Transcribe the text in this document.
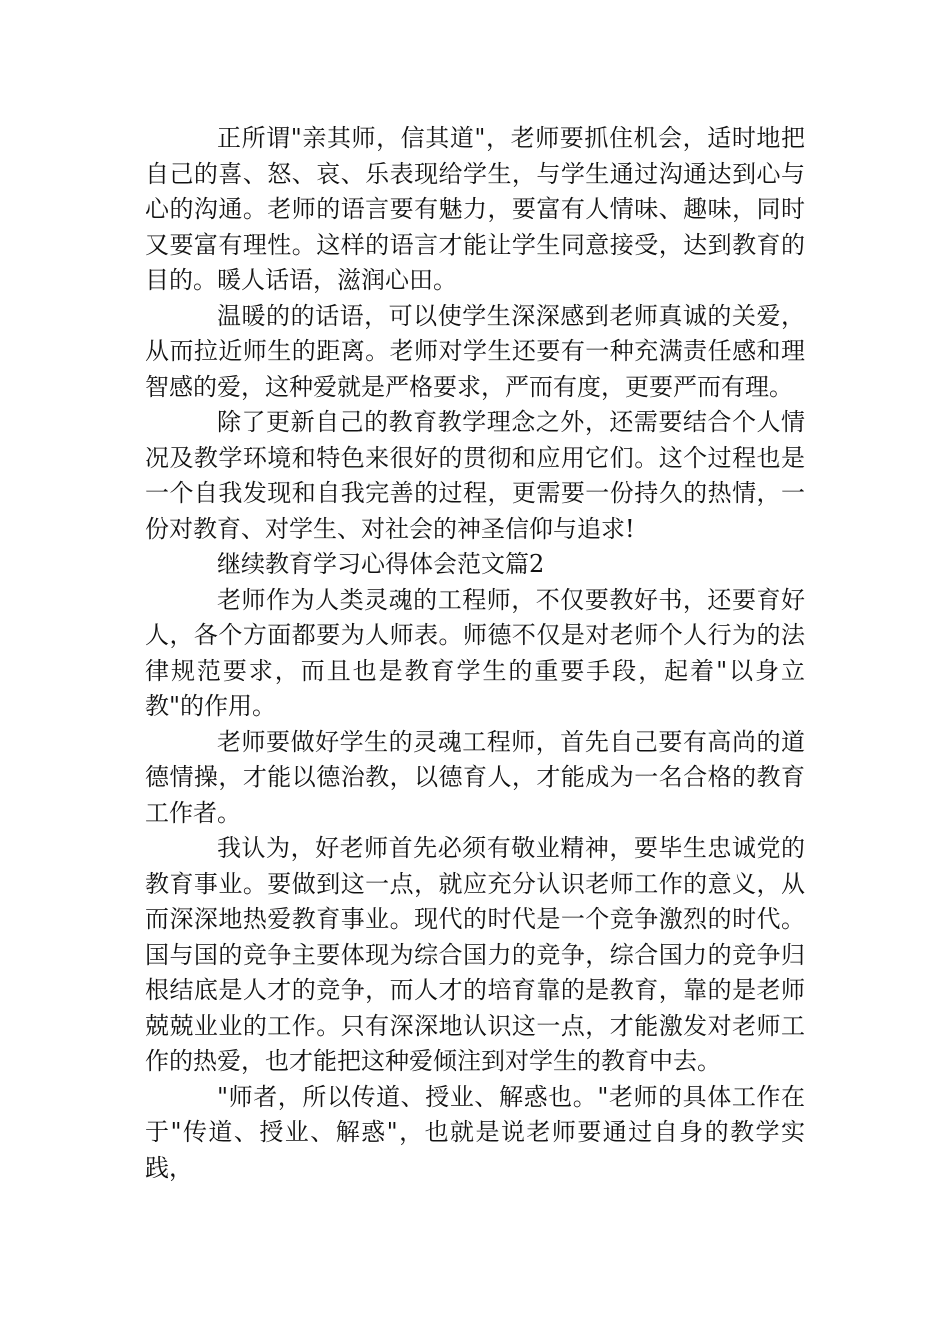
正所谓"亲其师，信其道"，老师要抓住机会，适时地把自己的喜、怒、哀、乐表现给学生，与学生通过沟通达到心与心的沟通。老师的语言要有魅力，要富有人情味、趣味，同时又要富有理性。这样的语言才能让学生同意接受，达到教育的目的。暖人话语，滋润心田。

温暖的的话语，可以使学生深深感到老师真诚的关爱，从而拉近师生的距离。老师对学生还要有一种充满责任感和理智感的爱，这种爱就是严格要求，严而有度，更要严而有理。

除了更新自己的教育教学理念之外，还需要结合个人情况及教学环境和特色来很好的贯彻和应用它们。这个过程也是一个自我发现和自我完善的过程，更需要一份持久的热情，一份对教育、对学生、对社会的神圣信仰与追求!

继续教育学习心得体会范文篇2

老师作为人类灵魂的工程师，不仅要教好书，还要育好人，各个方面都要为人师表。师德不仅是对老师个人行为的法律规范要求，而且也是教育学生的重要手段，起着"以身立教"的作用。

老师要做好学生的灵魂工程师，首先自己要有高尚的道德情操，才能以德治教，以德育人，才能成为一名合格的教育工作者。

我认为，好老师首先必须有敬业精神，要毕生忠诚党的教育事业。要做到这一点，就应充分认识老师工作的意义，从而深深地热爱教育事业。现代的时代是一个竞争激烈的时代。国与国的竞争主要体现为综合国力的竞争，综合国力的竞争归根结底是人才的竞争，而人才的培育靠的是教育，靠的是老师兢兢业业的工作。只有深深地认识这一点，才能激发对老师工作的热爱，也才能把这种爱倾注到对学生的教育中去。

"师者，所以传道、授业、解惑也。"老师的具体工作在于"传道、授业、解惑"，也就是说老师要通过自身的教学实践，
